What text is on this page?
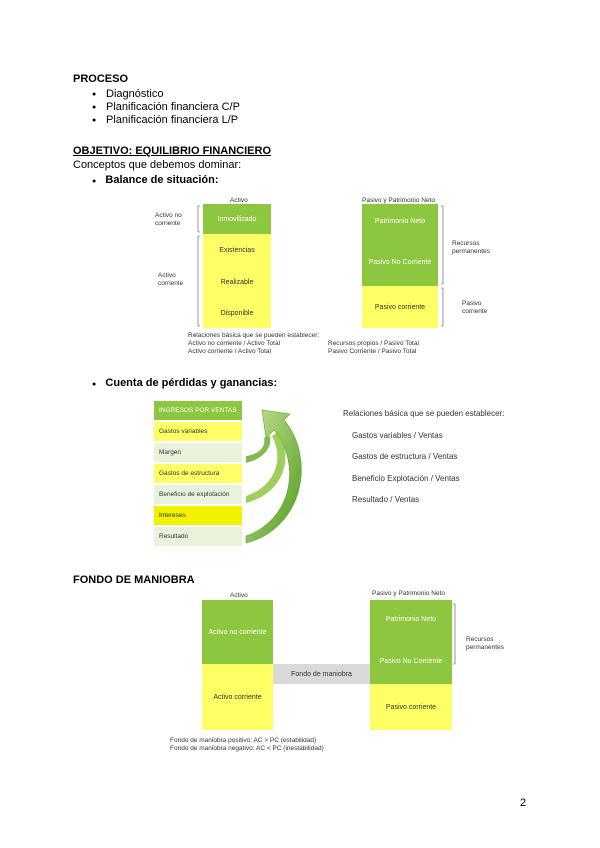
PROCESO
● Diagnóstico
● Planificación financiera C/P
● Planificación financiera L/P
OBJETIVO: EQUILIBRIO FINANCIERO
Conceptos que debemos dominar:
● Balance de situación:
Activo
Inmovilizado
Existencias
Realizable
Disponible
Activo no corriente
Activo corriente
Pasivo y Patrimonio Neto
Patrimonio Neto
Pasivo No Corriente
Pasivo corriente
Recursos permanentes
Pasivo corriente
Relaciones básica que se pueden establecer:
Activo no corriente / Activo Total
Activo corriente / Activo Total
Recursos propios / Pasivo Total
Pasivo Corriente / Pasivo Total
● Cuenta de pérdidas y ganancias:
INGRESOS POR VENTAS
Gastos variables
Margen
Gastos de estructura
Beneficio de explotación
Intereses
Resultado
Relaciones básica que se pueden establecer:
Gastos variables / Ventas
Gastos de estructura / Ventas
Beneficio Explotación / Ventas
Resultado / Ventas
FONDO DE MANIOBRA
Activo
Activo no corriente
Activo corriente
Fondo de maniobra
Pasivo y Patrimonio Neto
Patrimonio Neto
Pasivo No Corriente
Pasivo corriente
Recursos permanentes
Fondo de maniobra positivo: AC > PC (estabilidad)
Fondo de maniobra negativo: AC < PC (inestabilidad)
2
